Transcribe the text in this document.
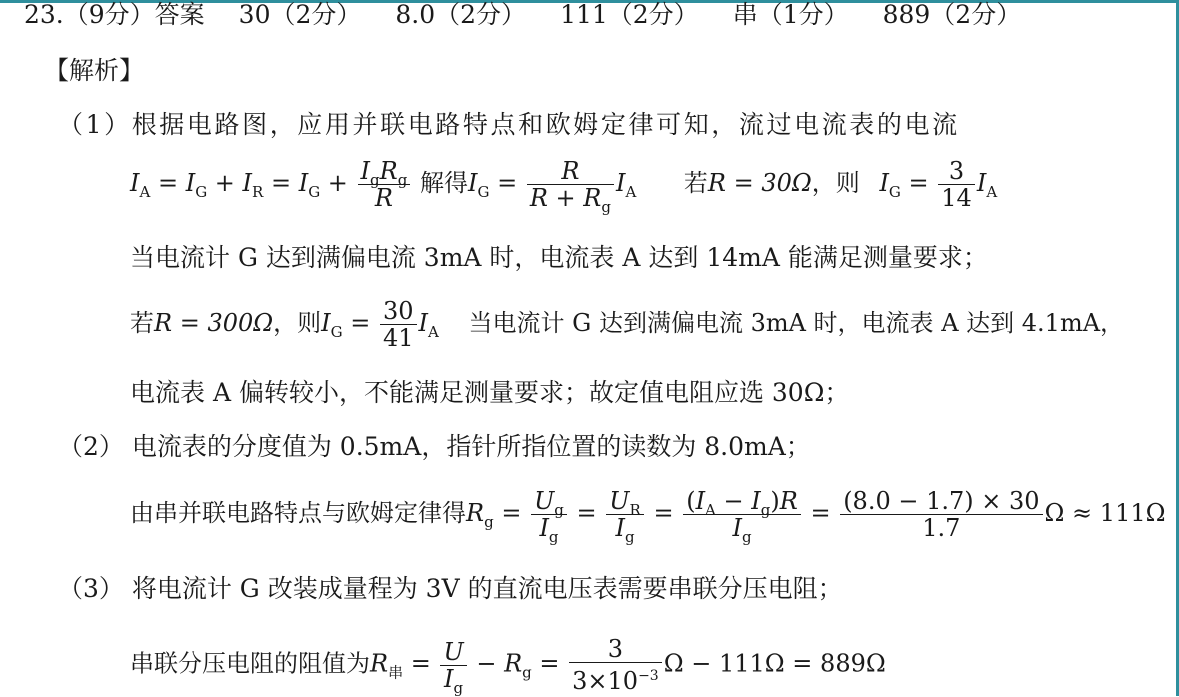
23.（9分）答案 30（2分） 8.0（2分） 111（2分） 串（1分） 889（2分）
【解析】
（1）根据电路图，应用并联电路特点和欧姆定律可知，流过电流表的电流
$I_A = I_G + I_R = I_G + \frac{I_gR_g}{R}$ 解得$I_G = \frac{R}{R + R_g} I_A$ 若R = 30Ω，则 $I_G = \frac{3}{14} I_A$
当电流计 G 达到满偏电流 3mA 时，电流表 A 达到 14mA 能满足测量要求；
若R = 300Ω，则$I_G = \frac{30}{41} I_A$ 当电流计 G 达到满偏电流 3mA 时，电流表 A 达到 4.1mA，
电流表 A 偏转较小，不能满足测量要求；故定值电阻应选 30Ω；
（2） 电流表的分度值为 0.5mA，指针所指位置的读数为 8.0mA；
由串并联电路特点与欧姆定律得$R_g = \frac{U_g}{I_g} = \frac{U_R}{I_g} = \frac{(I_A - I_g)R}{I_g} = \frac{(8.0 - 1.7) \times 30}{1.7}$ Ω ≈ 111Ω
（3） 将电流计 G 改装成量程为 3V 的直流电压表需要串联分压电阻；
串联分压电阻的阻值为$R_串 = \frac{U}{I_g} - R_g = \frac{3}{3\times 10^{-3}}$ Ω − 111Ω = 889Ω
